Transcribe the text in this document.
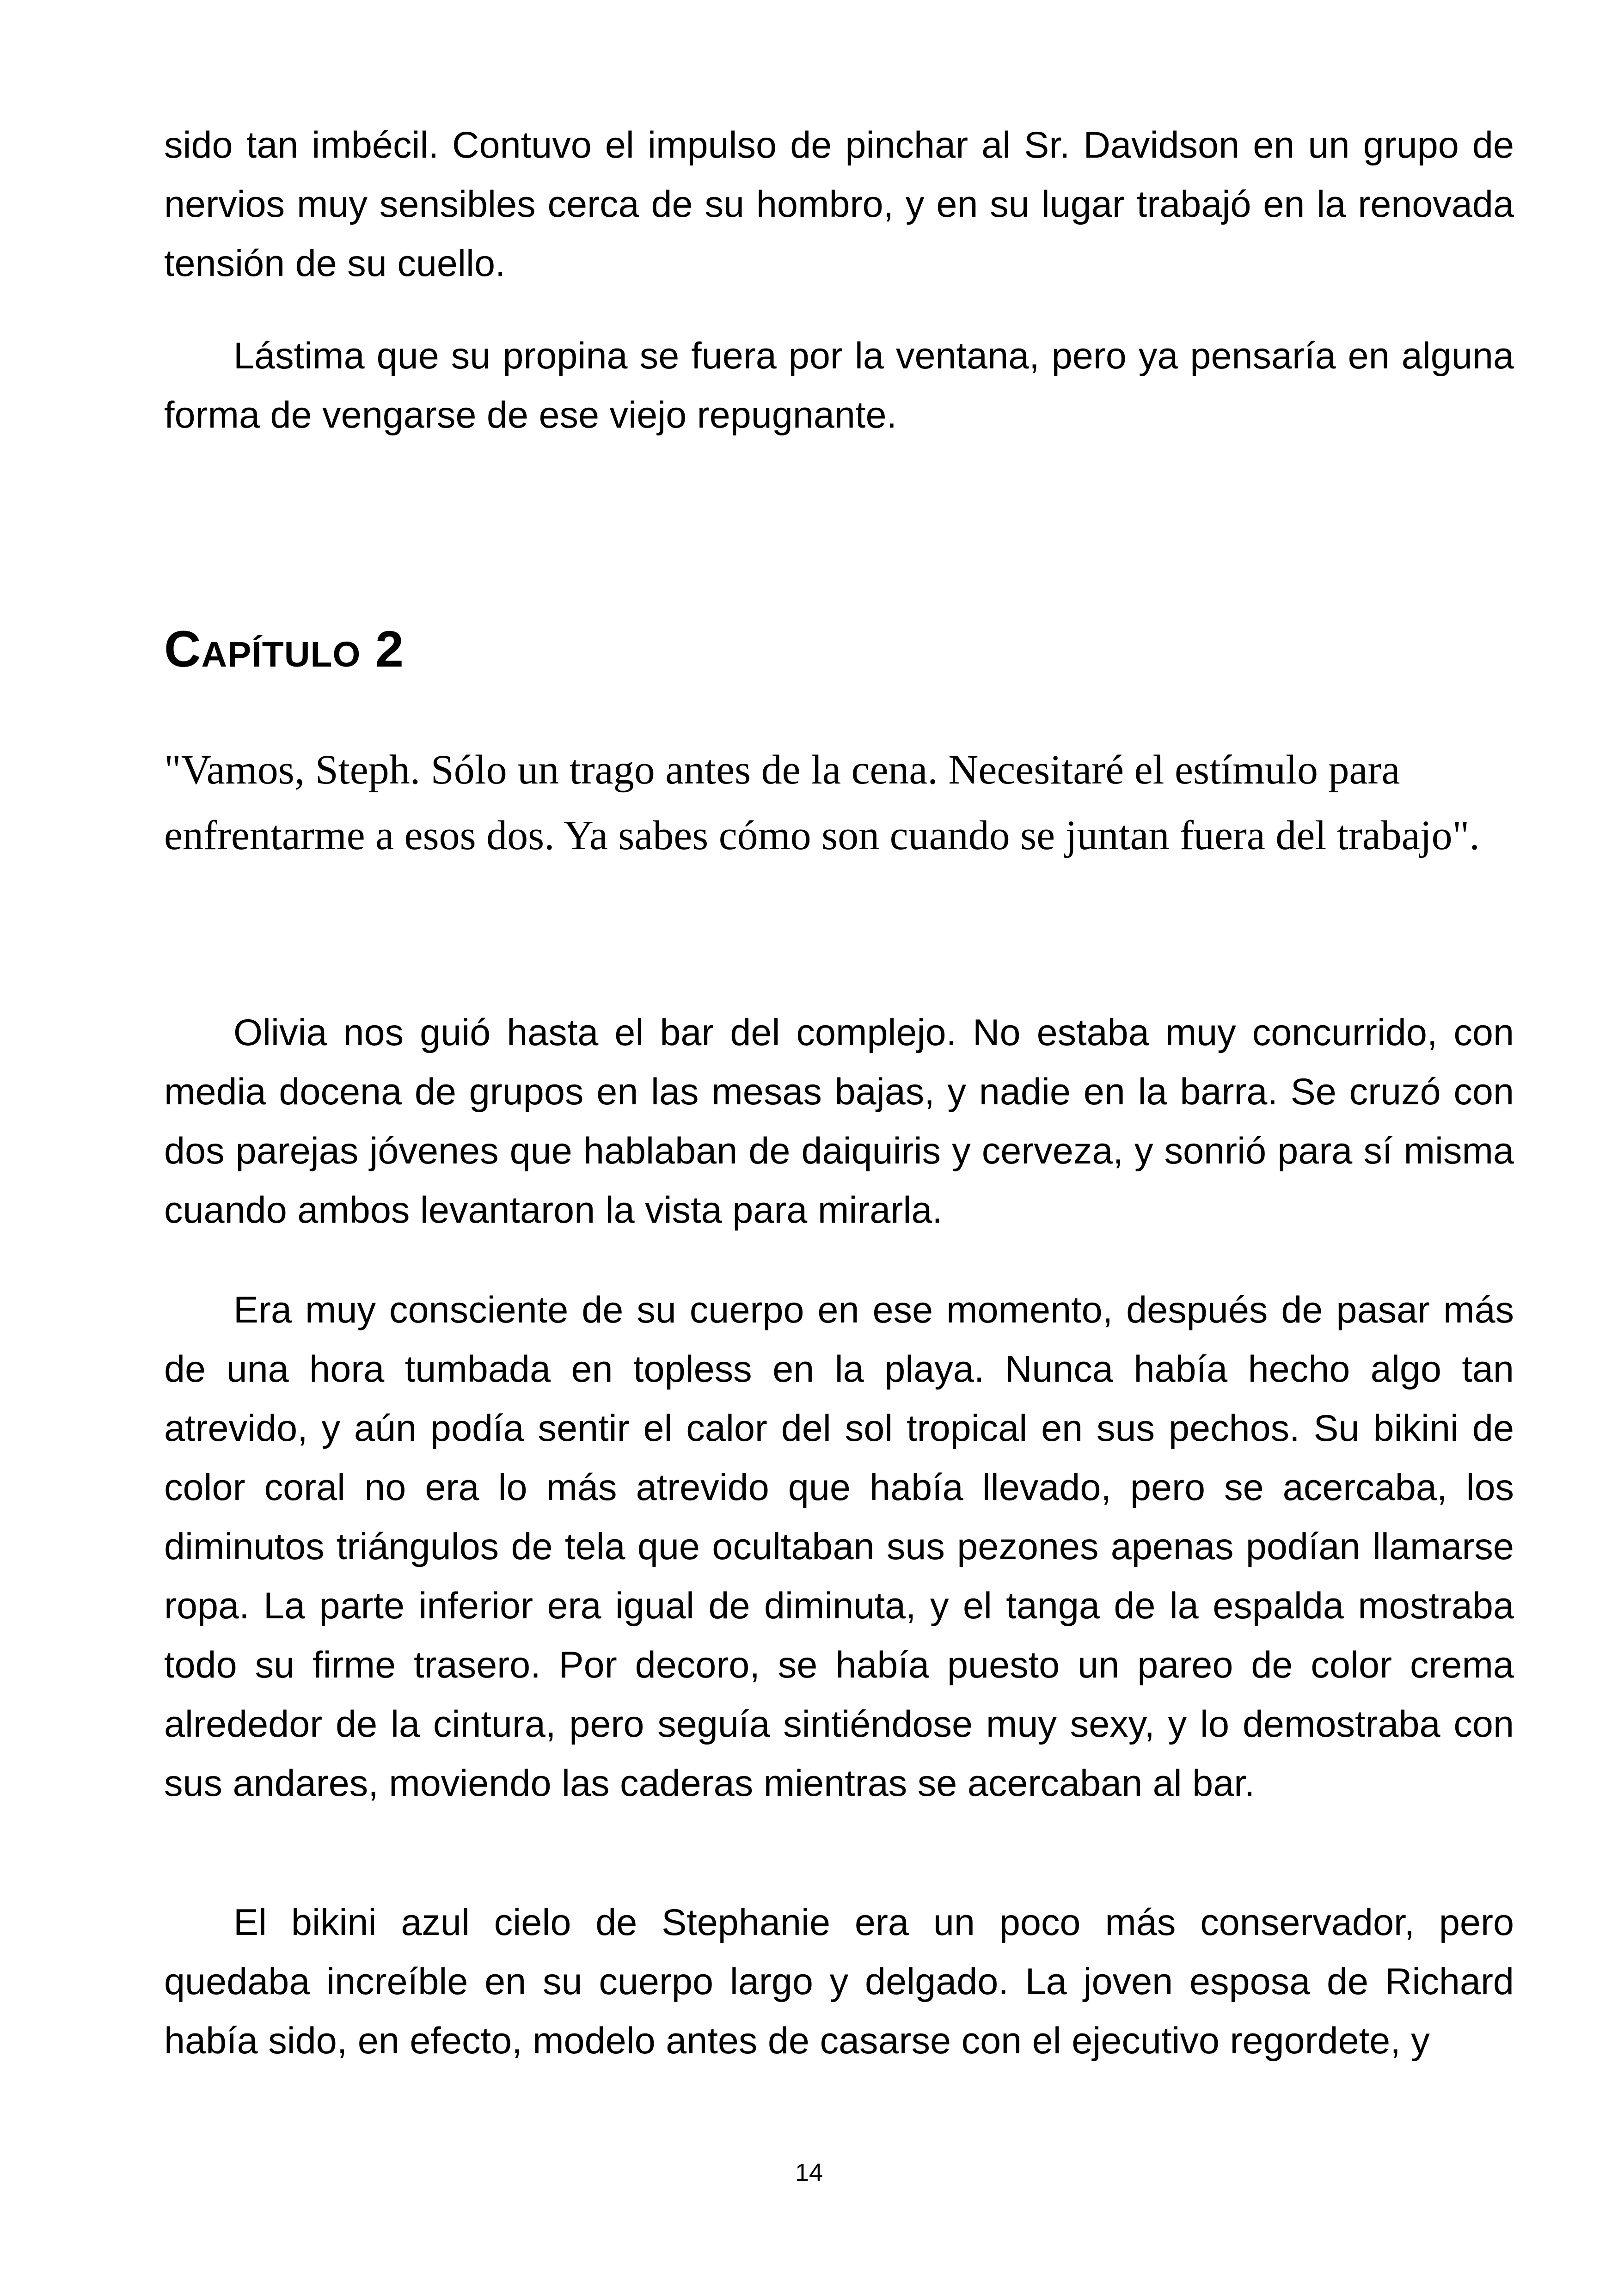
sido tan imbécil. Contuvo el impulso de pinchar al Sr. Davidson en un grupo de nervios muy sensibles cerca de su hombro, y en su lugar trabajó en la renovada tensión de su cuello.

Lástima que su propina se fuera por la ventana, pero ya pensaría en alguna forma de vengarse de ese viejo repugnante.

Capítulo 2

"Vamos, Steph. Sólo un trago antes de la cena. Necesitaré el estímulo para enfrentarme a esos dos. Ya sabes cómo son cuando se juntan fuera del trabajo".

Olivia nos guió hasta el bar del complejo. No estaba muy concurrido, con media docena de grupos en las mesas bajas, y nadie en la barra. Se cruzó con dos parejas jóvenes que hablaban de daiquiris y cerveza, y sonrió para sí misma cuando ambos levantaron la vista para mirarla.

Era muy consciente de su cuerpo en ese momento, después de pasar más de una hora tumbada en topless en la playa. Nunca había hecho algo tan atrevido, y aún podía sentir el calor del sol tropical en sus pechos. Su bikini de color coral no era lo más atrevido que había llevado, pero se acercaba, los diminutos triángulos de tela que ocultaban sus pezones apenas podían llamarse ropa. La parte inferior era igual de diminuta, y el tanga de la espalda mostraba todo su firme trasero. Por decoro, se había puesto un pareo de color crema alrededor de la cintura, pero seguía sintiéndose muy sexy, y lo demostraba con sus andares, moviendo las caderas mientras se acercaban al bar.

El bikini azul cielo de Stephanie era un poco más conservador, pero quedaba increíble en su cuerpo largo y delgado. La joven esposa de Richard había sido, en efecto, modelo antes de casarse con el ejecutivo regordete, y

14
